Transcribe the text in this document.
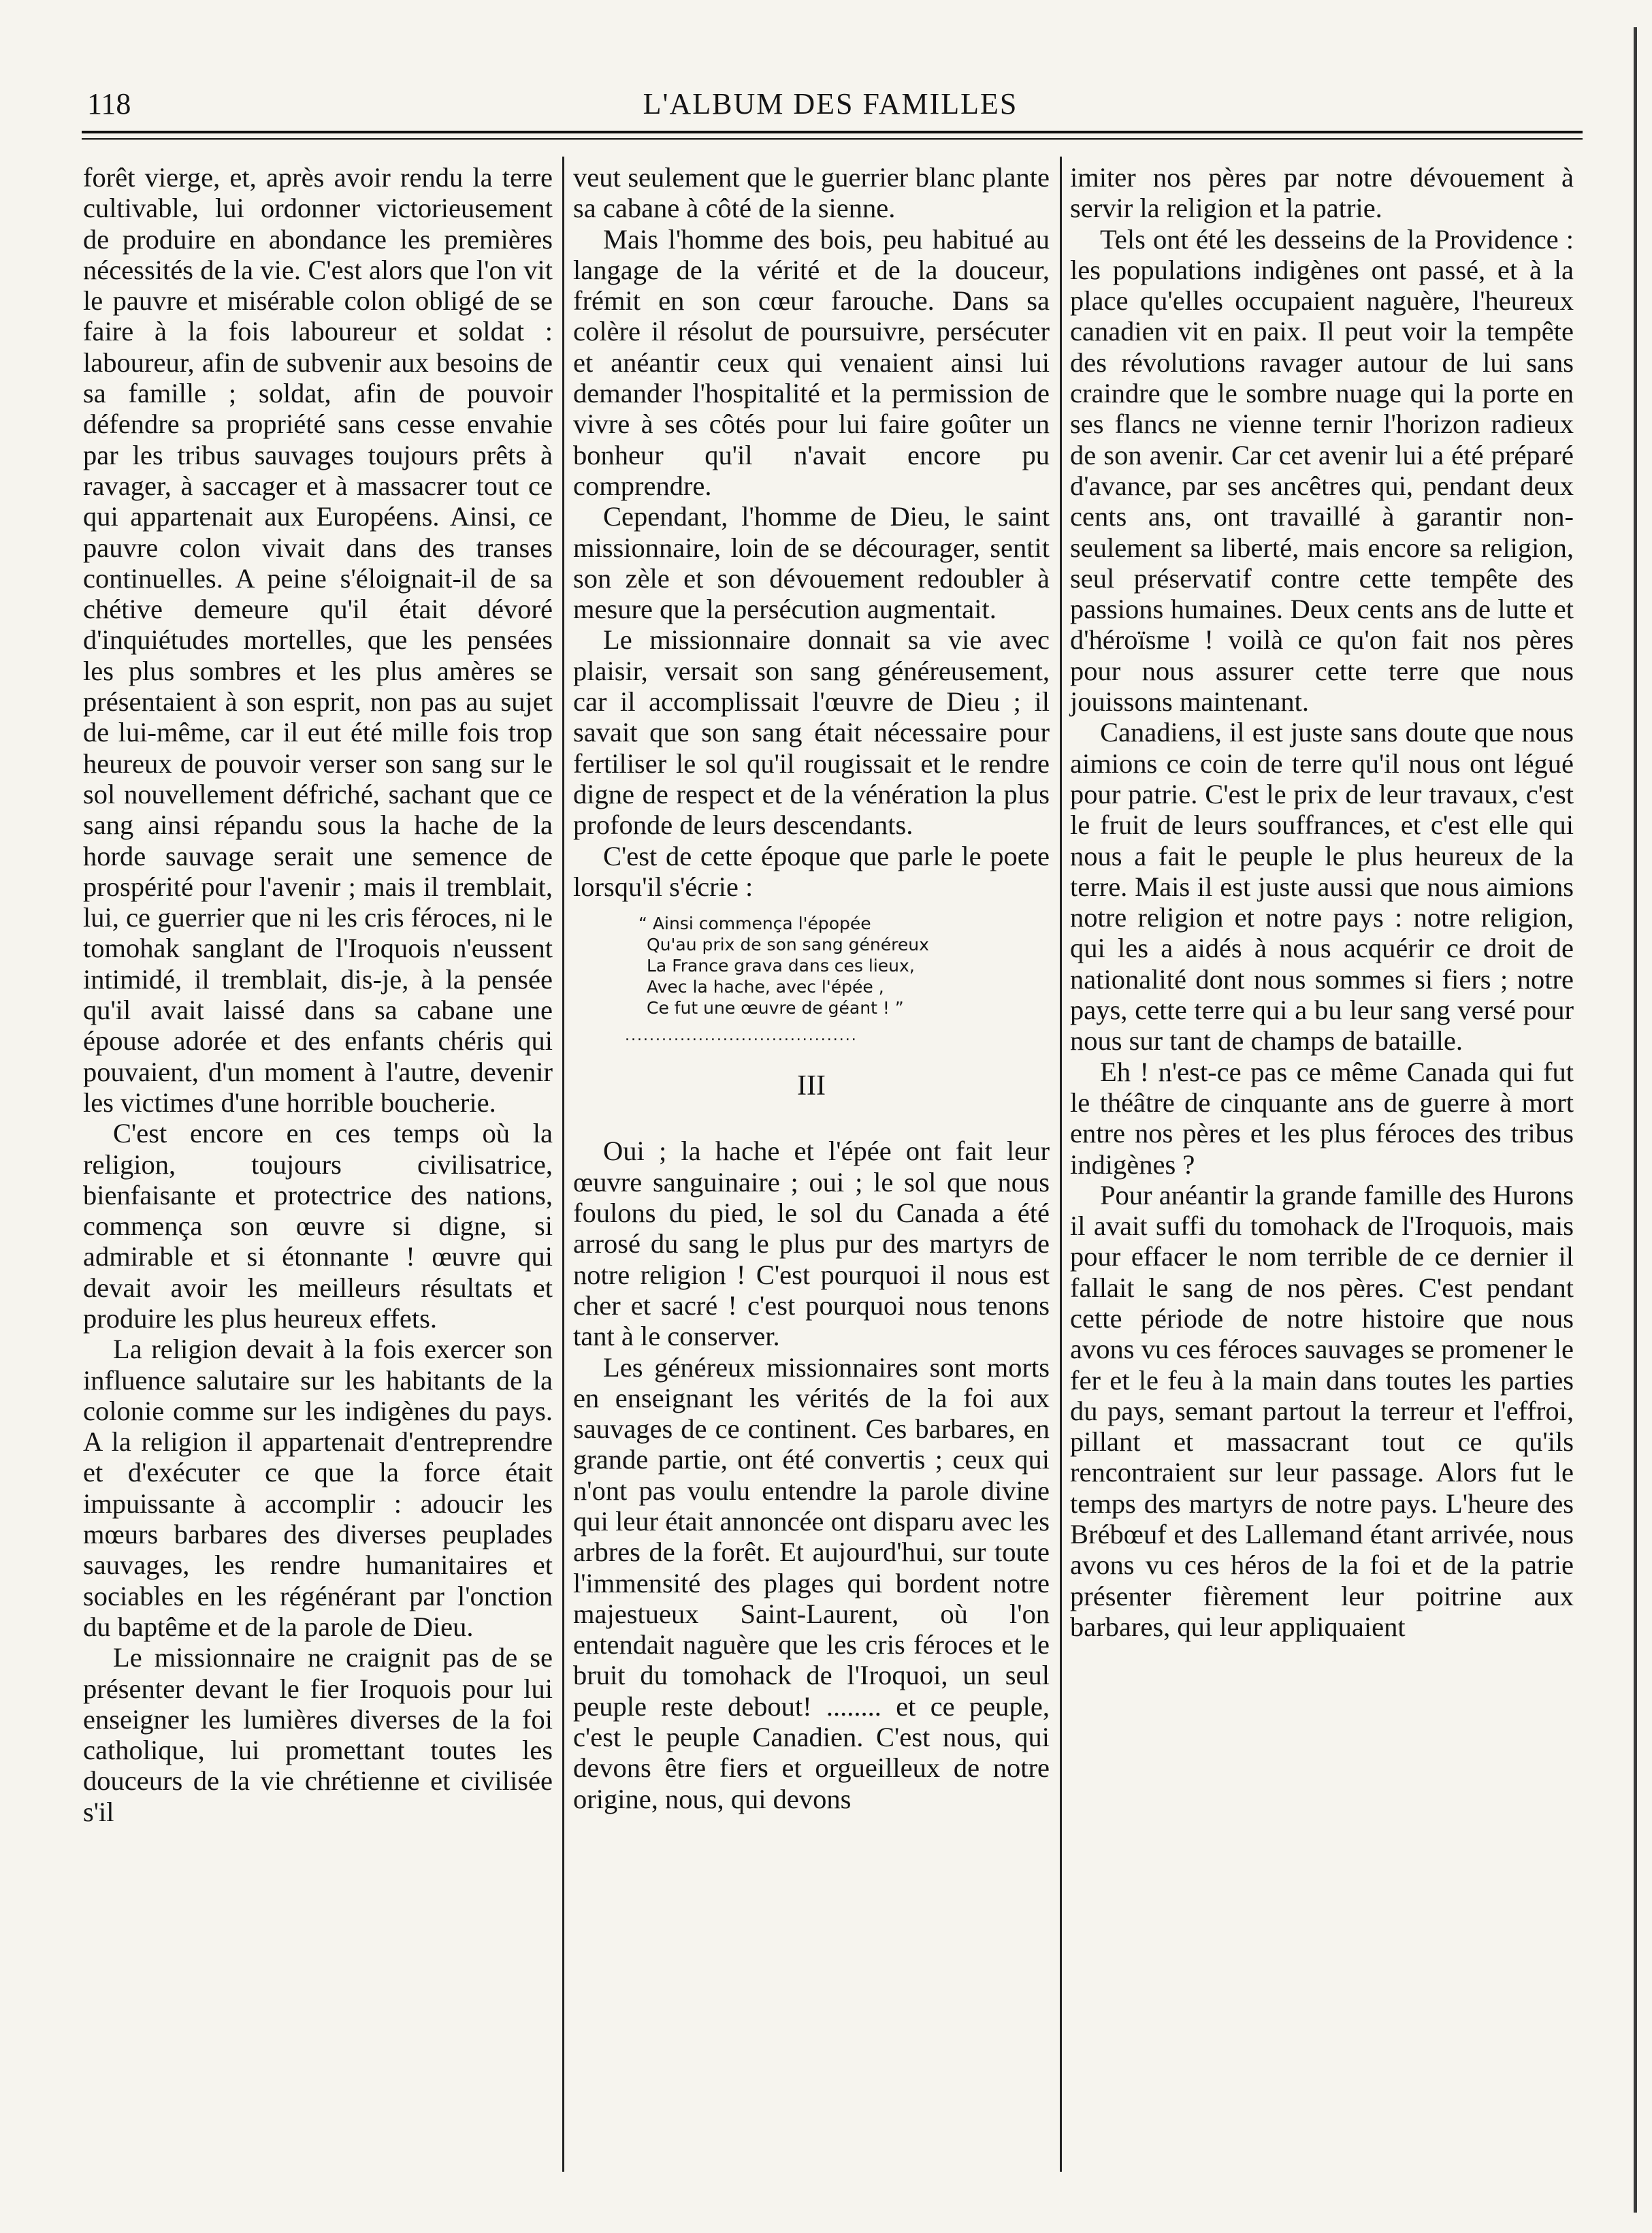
118	L'ALBUM DES FAMILLES

forêt vierge, et, après avoir rendu la terre cultivable, lui ordonner victorieusement de produire en abondance les premières nécessités de la vie. C'est alors que l'on vit le pauvre et misérable colon obligé de se faire à la fois laboureur et soldat : laboureur, afin de subvenir aux besoins de sa famille ; soldat, afin de pouvoir défendre sa propriété sans cesse envahie par les tribus sauvages toujours prêts à ravager, à saccager et à massacrer tout ce qui appartenait aux Européens. Ainsi, ce pauvre colon vivait dans des transes continuelles. A peine s'éloignait-il de sa chétive demeure qu'il était dévoré d'inquiétudes mortelles, que les pensées les plus sombres et les plus amères se présentaient à son esprit, non pas au sujet de lui-même, car il eut été mille fois trop heureux de pouvoir verser son sang sur le sol nouvellement défriché, sachant que ce sang ainsi répandu sous la hache de la horde sauvage serait une semence de prospérité pour l'avenir ; mais il tremblait, lui, ce guerrier que ni les cris féroces, ni le tomohak sanglant de l'Iroquois n'eussent intimidé, il tremblait, dis-je, à la pensée qu'il avait laissé dans sa cabane une épouse adorée et des enfants chéris qui pouvaient, d'un moment à l'autre, devenir les victimes d'une horrible boucherie.

C'est encore en ces temps où la religion, toujours civilisatrice, bienfaisante et protectrice des nations, commença son œuvre si digne, si admirable et si étonnante ! œuvre qui devait avoir les meilleurs résultats et produire les plus heureux effets.

La religion devait à la fois exercer son influence salutaire sur les habitants de la colonie comme sur les indigènes du pays. A la religion il appartenait d'entreprendre et d'exécuter ce que la force était impuissante à accomplir : adoucir les mœurs barbares des diverses peuplades sauvages, les rendre humanitaires et sociables en les régénérant par l'onction du baptême et de la parole de Dieu.

Le missionnaire ne craignit pas de se présenter devant le fier Iroquois pour lui enseigner les lumières diverses de la foi catholique, lui promettant toutes les douceurs de la vie chrétienne et civilisée s'il

veut seulement que le guerrier blanc plante sa cabane à côté de la sienne.

Mais l'homme des bois, peu habitué au langage de la vérité et de la douceur, frémit en son cœur farouche. Dans sa colère il résolut de poursuivre, persécuter et anéantir ceux qui venaient ainsi lui demander l'hospitalité et la permission de vivre à ses côtés pour lui faire goûter un bonheur qu'il n'avait encore pu comprendre.

Cependant, l'homme de Dieu, le saint missionnaire, loin de se décourager, sentit son zèle et son dévouement redoubler à mesure que la persécution augmentait.

Le missionnaire donnait sa vie avec plaisir, versait son sang généreusement, car il accomplissait l'œuvre de Dieu ; il savait que son sang était nécessaire pour fertiliser le sol qu'il rougissait et le rendre digne de respect et de la vénération la plus profonde de leurs descendants.

C'est de cette époque que parle le poete lorsqu'il s'écrie :

“ Ainsi commença l'épopée
Qu'au prix de son sang généreux
La France grava dans ces lieux,
Avec la hache, avec l'épée ,
Ce fut une œuvre de géant ! ”
......................................
III

Oui ; la hache et l'épée ont fait leur œuvre sanguinaire ; oui ; le sol que nous foulons du pied, le sol du Canada a été arrosé du sang le plus pur des martyrs de notre religion ! C'est pourquoi il nous est cher et sacré ! c'est pourquoi nous tenons tant à le conserver.

Les généreux missionnaires sont morts en enseignant les vérités de la foi aux sauvages de ce continent. Ces barbares, en grande partie, ont été convertis ; ceux qui n'ont pas voulu entendre la parole divine qui leur était annoncée ont disparu avec les arbres de la forêt. Et aujourd'hui, sur toute l'immensité des plages qui bordent notre majestueux Saint-Laurent, où l'on entendait naguère que les cris féroces et le bruit du tomohack de l'Iroquoi, un seul peuple reste debout! ........ et ce peuple, c'est le peuple Canadien. C'est nous, qui devons être fiers et orgueilleux de notre origine, nous, qui devons

imiter nos pères par notre dévouement à servir la religion et la patrie.

Tels ont été les desseins de la Providence : les populations indigènes ont passé, et à la place qu'elles occupaient naguère, l'heureux canadien vit en paix. Il peut voir la tempête des révolutions ravager autour de lui sans craindre que le sombre nuage qui la porte en ses flancs ne vienne ternir l'horizon radieux de son avenir. Car cet avenir lui a été préparé d'avance, par ses ancêtres qui, pendant deux cents ans, ont travaillé à garantir non-seulement sa liberté, mais encore sa religion, seul préservatif contre cette tempête des passions humaines. Deux cents ans de lutte et d'héroïsme ! voilà ce qu'on fait nos pères pour nous assurer cette terre que nous jouissons maintenant.

Canadiens, il est juste sans doute que nous aimions ce coin de terre qu'il nous ont légué pour patrie. C'est le prix de leur travaux, c'est le fruit de leurs souffrances, et c'est elle qui nous a fait le peuple le plus heureux de la terre. Mais il est juste aussi que nous aimions notre religion et notre pays : notre religion, qui les a aidés à nous acquérir ce droit de nationalité dont nous sommes si fiers ; notre pays, cette terre qui a bu leur sang versé pour nous sur tant de champs de bataille.

Eh ! n'est-ce pas ce même Canada qui fut le théâtre de cinquante ans de guerre à mort entre nos pères et les plus féroces des tribus indigènes ?

Pour anéantir la grande famille des Hurons il avait suffi du tomohack de l'Iroquois, mais pour effacer le nom terrible de ce dernier il fallait le sang de nos pères. C'est pendant cette période de notre histoire que nous avons vu ces féroces sauvages se promener le fer et le feu à la main dans toutes les parties du pays, semant partout la terreur et l'effroi, pillant et massacrant tout ce qu'ils rencontraient sur leur passage. Alors fut le temps des martyrs de notre pays. L'heure des Brébœuf et des Lallemand étant arrivée, nous avons vu ces héros de la foi et de la patrie présenter fièrement leur poitrine aux barbares, qui leur appliquaient
